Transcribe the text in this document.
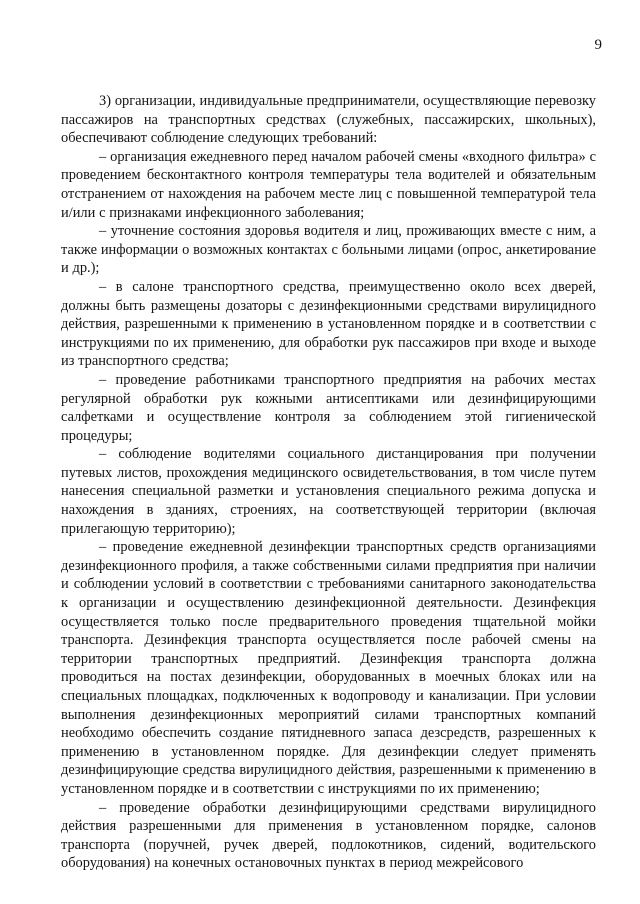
9

3) организации, индивидуальные предприниматели, осуществляющие перевозку пассажиров на транспортных средствах (служебных, пассажирских, школьных), обеспечивают соблюдение следующих требований:

– организация ежедневного перед началом рабочей смены «входного фильтра» с проведением бесконтактного контроля температуры тела водителей и обязательным отстранением от нахождения на рабочем месте лиц с повышенной температурой тела и/или с признаками инфекционного заболевания;

– уточнение состояния здоровья водителя и лиц, проживающих вместе с ним, а также информации о возможных контактах с больными лицами (опрос, анкетирование и др.);

– в салоне транспортного средства, преимущественно около всех дверей, должны быть размещены дозаторы с дезинфекционными средствами вирулицидного действия, разрешенными к применению в установленном порядке и в соответствии с инструкциями по их применению, для обработки рук пассажиров при входе и выходе из транспортного средства;

– проведение работниками транспортного предприятия на рабочих местах регулярной обработки рук кожными антисептиками или дезинфицирующими салфетками и осуществление контроля за соблюдением этой гигиенической процедуры;

– соблюдение водителями социального дистанцирования при получении путевых листов, прохождения медицинского освидетельствования, в том числе путем нанесения специальной разметки и установления специального режима допуска и нахождения в зданиях, строениях, на соответствующей территории (включая прилегающую территорию);

– проведение ежедневной дезинфекции транспортных средств организациями дезинфекционного профиля, а также собственными силами предприятия при наличии и соблюдении условий в соответствии с требованиями санитарного законодательства к организации и осуществлению дезинфекционной деятельности. Дезинфекция осуществляется только после предварительного проведения тщательной мойки транспорта. Дезинфекция транспорта осуществляется после рабочей смены на территории транспортных предприятий. Дезинфекция транспорта должна проводиться на постах дезинфекции, оборудованных в моечных блоках или на специальных площадках, подключенных к водопроводу и канализации. При условии выполнения дезинфекционных мероприятий силами транспортных компаний необходимо обеспечить создание пятидневного запаса дезсредств, разрешенных к применению в установленном порядке. Для дезинфекции следует применять дезинфицирующие средства вирулицидного действия, разрешенными к применению в установленном порядке и в соответствии с инструкциями по их применению;

– проведение обработки дезинфицирующими средствами вирулицидного действия разрешенными для применения в установленном порядке, салонов транспорта (поручней, ручек дверей, подлокотников, сидений, водительского оборудования) на конечных остановочных пунктах в период межрейсового
